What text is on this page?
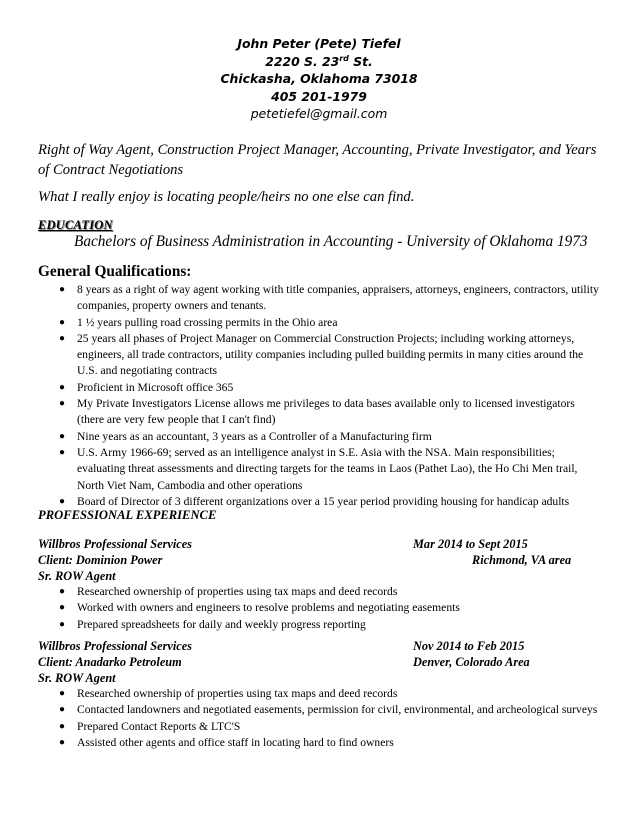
John Peter (Pete) Tiefel
2220 S. 23rd St.
Chickasha, Oklahoma 73018
405 201-1979
petetiefel@gmail.com
Right of Way Agent, Construction Project Manager, Accounting, Private Investigator, and Years of Contract Negotiations
What I really enjoy is locating people/heirs no one else can find.
EDUCATION
Bachelors of Business Administration in Accounting - University of Oklahoma 1973
General Qualifications:
● 8 years as a right of way agent working with title companies, appraisers, attorneys, engineers, contractors, utility companies, property owners and tenants.
● 1 ½ years pulling road crossing permits in the Ohio area
● 25 years all phases of Project Manager on Commercial Construction Projects; including working attorneys, engineers, all trade contractors, utility companies including pulled building permits in many cities around the U.S. and negotiating contracts
● Proficient in Microsoft office 365
● My Private Investigators License allows me privileges to data bases available only to licensed investigators (there are very few people that I can't find)
● Nine years as an accountant, 3 years as a Controller of a Manufacturing firm
● U.S. Army 1966-69; served as an intelligence analyst in S.E. Asia with the NSA. Main responsibilities; evaluating threat assessments and directing targets for the teams in Laos (Pathet Lao), the Ho Chi Men trail, North Viet Nam, Cambodia and other operations
● Board of Director of 3 different organizations over a 15 year period providing housing for handicap adults
PROFESSIONAL EXPERIENCE
Willbros Professional Services	Mar 2014 to Sept 2015
Client: Dominion Power	Richmond, VA area
Sr. ROW Agent
● Researched ownership of properties using tax maps and deed records
● Worked with owners and engineers to resolve problems and negotiating easements
● Prepared spreadsheets for daily and weekly progress reporting
Willbros Professional Services	Nov 2014 to Feb 2015
Client: Anadarko Petroleum	Denver, Colorado Area
Sr. ROW Agent
● Researched ownership of properties using tax maps and deed records
● Contacted landowners and negotiated easements, permission for civil, environmental, and archeological surveys
● Prepared Contact Reports & LTC'S
● Assisted other agents and office staff in locating hard to find owners
